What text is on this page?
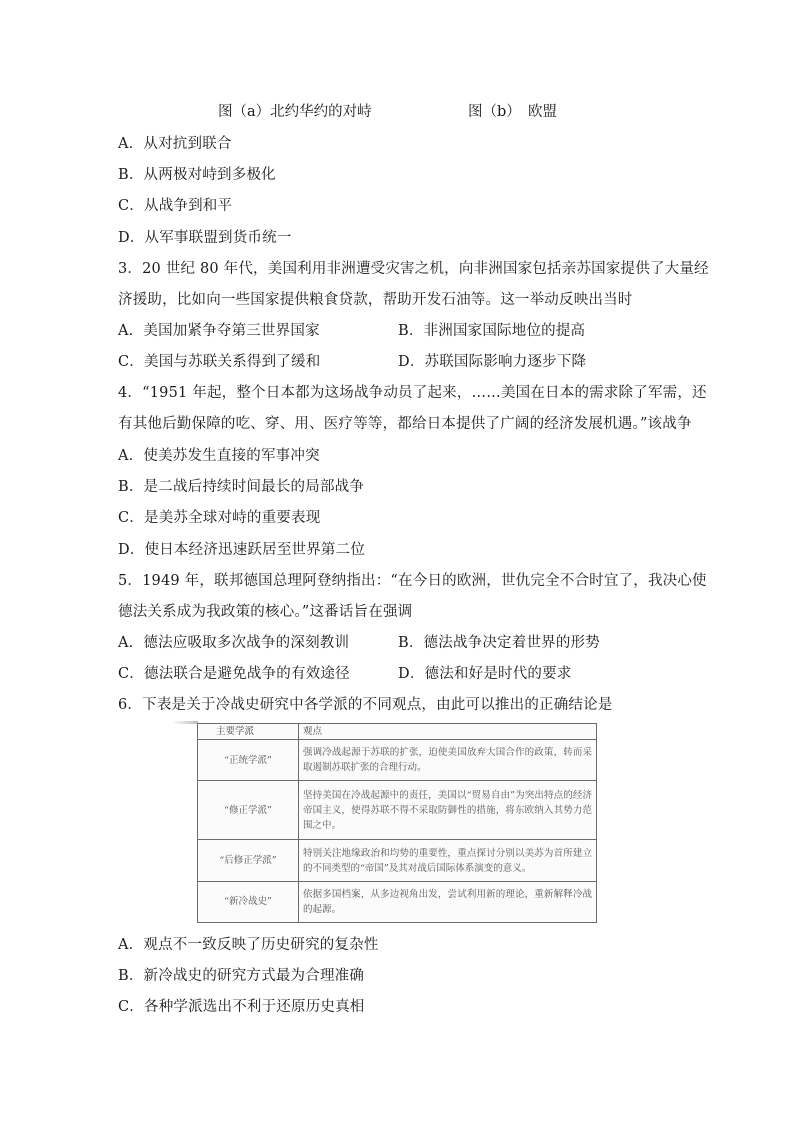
图（a）北约华约的对峙	图（b）　欧盟
A．从对抗到联合
B．从两极对峙到多极化
C．从战争到和平
D．从军事联盟到货币统一
3．20 世纪 80 年代，美国利用非洲遭受灾害之机，向非洲国家包括亲苏国家提供了大量经
济援助，比如向一些国家提供粮食贷款，帮助开发石油等。这一举动反映出当时
A．美国加紧争夺第三世界国家	B．非洲国家国际地位的提高
C．美国与苏联关系得到了缓和	D．苏联国际影响力逐步下降
4．“1951 年起，整个日本都为这场战争动员了起来，……美国在日本的需求除了军需，还
有其他后勤保障的吃、穿、用、医疗等等，都给日本提供了广阔的经济发展机遇。”该战争
A．使美苏发生直接的军事冲突
B．是二战后持续时间最长的局部战争
C．是美苏全球对峙的重要表现
D．使日本经济迅速跃居至世界第二位
5．1949 年，联邦德国总理阿登纳指出：“在今日的欧洲，世仇完全不合时宜了，我决心使
德法关系成为我政策的核心。”这番话旨在强调
A．德法应吸取多次战争的深刻教训	B．德法战争决定着世界的形势
C．德法联合是避免战争的有效途径	D．德法和好是时代的要求
6．下表是关于冷战史研究中各学派的不同观点，由此可以推出的正确结论是
主要学派	观点
“正统学派”	强调冷战起源于苏联的扩张，迫使美国放弃大国合作的政策，转而采取遏制苏联扩张的合理行动。
“修正学派”	坚持美国在冷战起源中的责任，美国以“贸易自由”为突出特点的经济帝国主义，使得苏联不得不采取防御性的措施，将东欧纳入其势力范围之中。
“后修正学派”	特别关注地缘政治和均势的重要性，重点探讨分别以美苏为首所建立的不同类型的“帝国”及其对战后国际体系演变的意义。
“新冷战史”	依据多国档案，从多边视角出发，尝试利用新的理论，重新解释冷战的起源。
A．观点不一致反映了历史研究的复杂性
B．新冷战史的研究方式最为合理准确
C．各种学派选出不利于还原历史真相
